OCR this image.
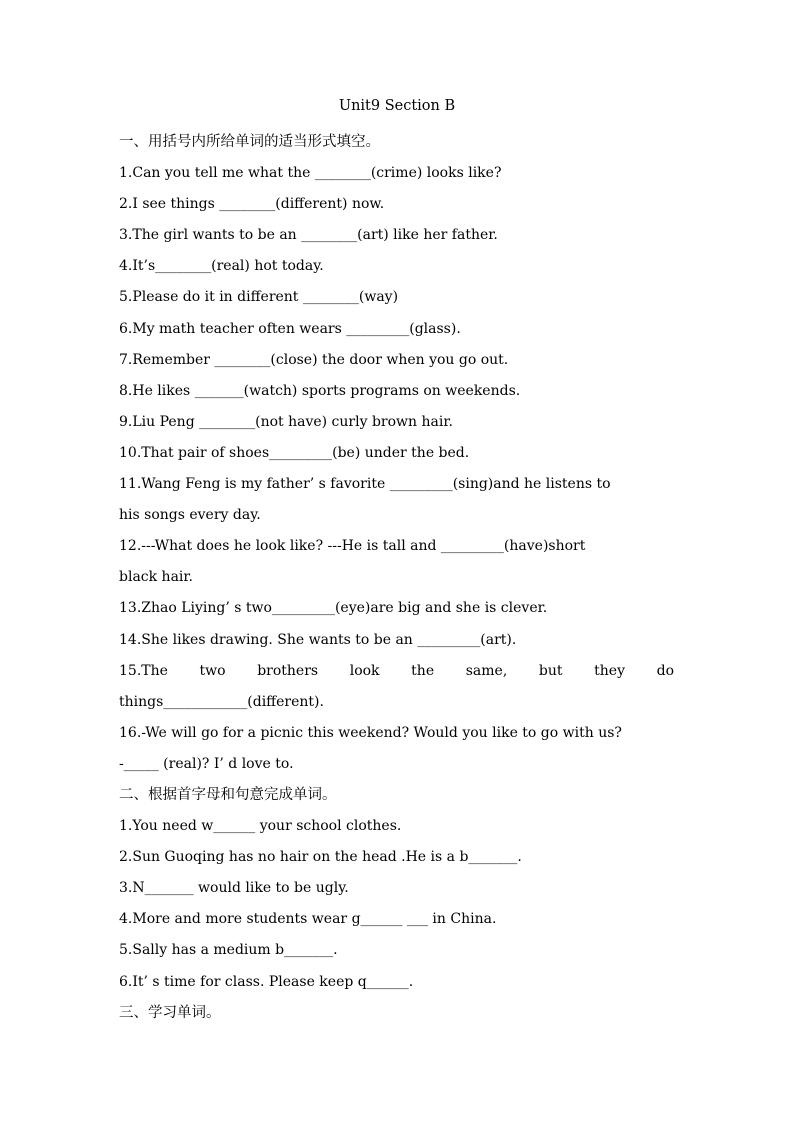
Unit9 Section B
一、用括号内所给单词的适当形式填空。
1.Can you tell me what the ________(crime) looks like?
2.I see things ________(different) now.
3.The girl wants to be an ________(art) like her father.
4.It’s________(real) hot today.
5.Please do it in different ________(way)
6.My math teacher often wears _________(glass).
7.Remember ________(close) the door when you go out.
8.He likes _______(watch) sports programs on weekends.
9.Liu Peng ________(not have) curly brown hair.
10.That pair of shoes_________(be) under the bed.
11.Wang Feng is my father’ s favorite _________(sing)and he listens to
his songs every day.
12.---What does he look like? ---He is tall and _________(have)short
black hair.
13.Zhao Liying’ s two_________(eye)are big and she is clever.
14.She likes drawing. She wants to be an _________(art).
15.The two brothers look the same, but they do
things____________(different).
16.-We will go for a picnic this weekend? Would you like to go with us?
-_____ (real)? I’ d love to.
二、根据首字母和句意完成单词。
1.You need w______ your school clothes.
2.Sun Guoqing has no hair on the head .He is a b_______.
3.N_______ would like to be ugly.
4.More and more students wear g______ ___ in China.
5.Sally has a medium b_______.
6.It’ s time for class. Please keep q______.
三、学习单词。
